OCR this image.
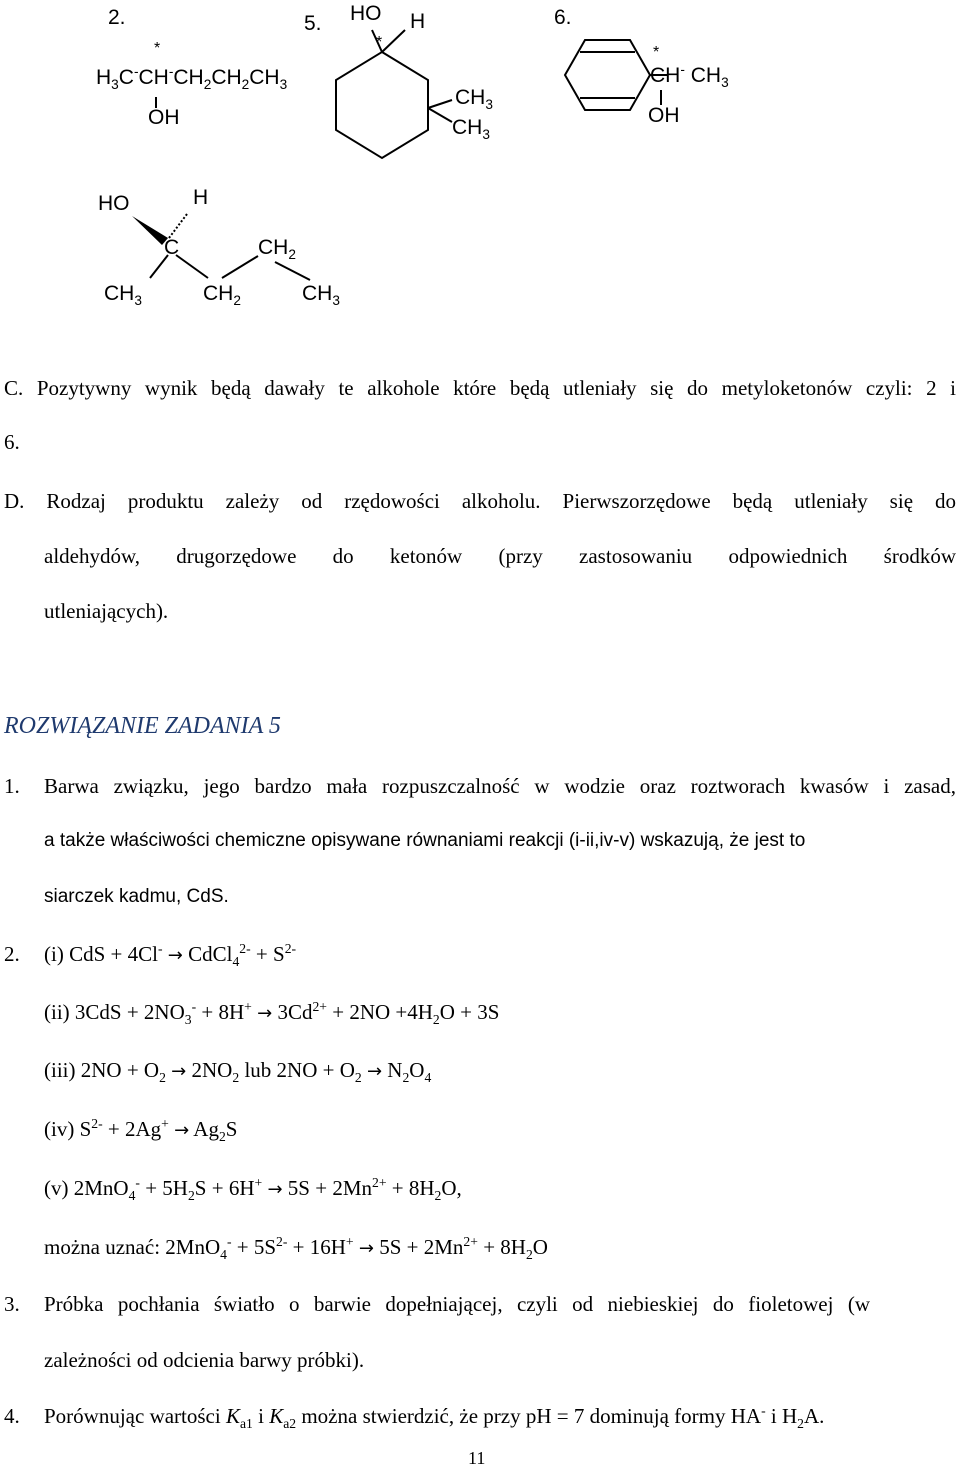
2.	5.	6.
*
$H_3C^-CH^-CH_2CH_2CH_3$
OH
HO H
*
$CH_3$
$CH_3$
*
CH- $CH_3$
OH
HO	H
C	$CH_2$
$CH_3$	$CH_2$	$CH_3$
C. Pozytywny wynik będą dawały te alkohole które będą utleniały się do metyloketonów czyli: 2 i
6.
D. Rodzaj produktu zależy od rzędowości alkoholu. Pierwszorzędowe będą utleniały się do
aldehydów, drugorzędowe do ketonów (przy zastosowaniu odpowiednich środków
utleniających).
ROZWIĄZANIE ZADANIA 5
1. Barwa związku, jego bardzo mała rozpuszczalność w wodzie oraz roztworach kwasów i zasad,
a także właściwości chemiczne opisywane równaniami reakcji (i-ii,iv-v) wskazują, że jest to
siarczek kadmu, CdS.
2. (i) CdS + 4Cl- → CdCl$_4^{2-}$ + $S^{2-}$
(ii) $3CdS + 2NO_3^- + 8H^+ \to 3Cd^{2+} + 2NO +4H_2O + 3S$
(iii) $2NO + O_2 \to 2NO_2$ lub $2NO + O_2 \to N_2O_4$
(iv) $S^{2-} + 2Ag^+ \to Ag_2S$
(v) $2MnO_4^- + 5H_2S + 6H^+ \to 5S + 2Mn^{2+} + 8H_2O$,
można uznać: $2MnO_4^- + 5S^{2-} + 16H^+ \to 5S + 2Mn^{2+} + 8H_2O$
3. Próbka pochłania światło o barwie dopełniającej, czyli od niebieskiej do fioletowej (w
zależności od odcienia barwy próbki).
4. Porównując wartości $K_{a1}$ i $K_{a2}$ można stwierdzić, że przy pH = 7 dominują formy HA- i $H_2A$.
11
